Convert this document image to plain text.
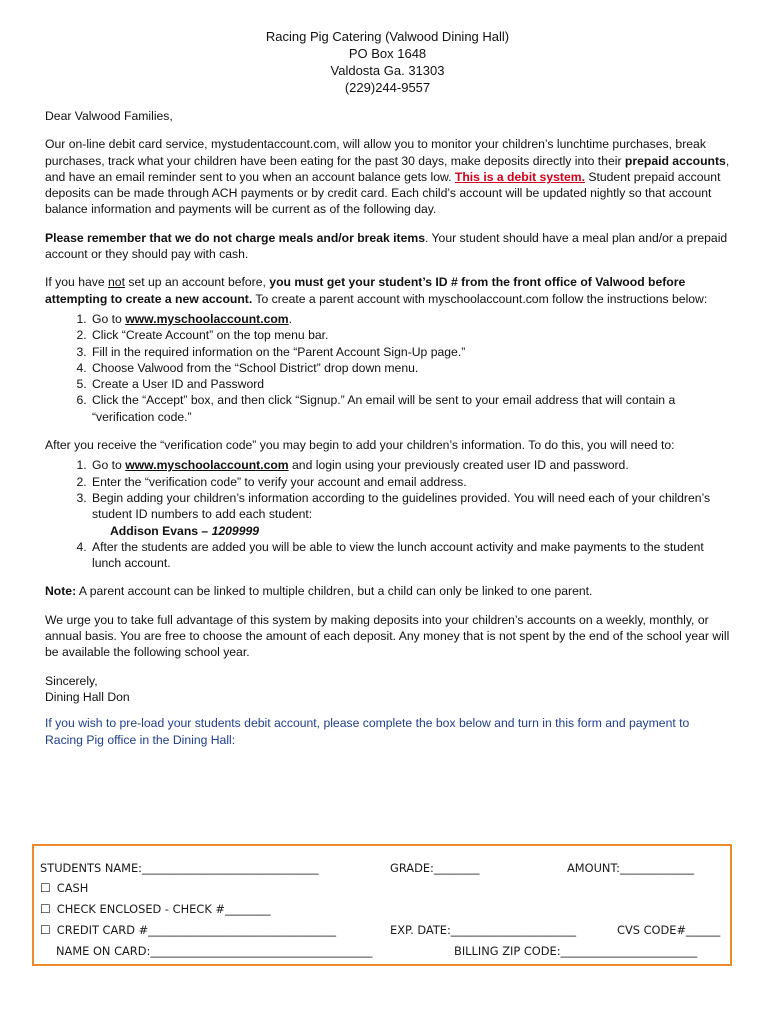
Racing Pig Catering (Valwood Dining Hall)
PO Box 1648
Valdosta Ga. 31303
(229)244-9557

Dear Valwood Families,

Our on-line debit card service, mystudentaccount.com, will allow you to monitor your children’s lunchtime purchases, break purchases, track what your children have been eating for the past 30 days, make deposits directly into their prepaid accounts, and have an email reminder sent to you when an account balance gets low. This is a debit system. Student prepaid account deposits can be made through ACH payments or by credit card. Each child’s account will be updated nightly so that account balance information and payments will be current as of the following day.

Please remember that we do not charge meals and/or break items. Your student should have a meal plan and/or a prepaid account or they should pay with cash.

If you have not set up an account before, you must get your student’s ID # from the front office of Valwood before attempting to create a new account. To create a parent account with myschoolaccount.com follow the instructions below:

1. Go to www.myschoolaccount.com.
2. Click “Create Account” on the top menu bar.
3. Fill in the required information on the “Parent Account Sign-Up page.”
4. Choose Valwood from the “School District” drop down menu.
5. Create a User ID and Password
6. Click the “Accept” box, and then click “Signup.” An email will be sent to your email address that will contain a “verification code.”

After you receive the “verification code” you may begin to add your children’s information. To do this, you will need to:

1. Go to www.myschoolaccount.com and login using your previously created user ID and password.
2. Enter the “verification code” to verify your account and email address.
3. Begin adding your children’s information according to the guidelines provided. You will need each of your children’s student ID numbers to add each student:
Addison Evans – 1209999
4. After the students are added you will be able to view the lunch account activity and make payments to the student lunch account.

Note: A parent account can be linked to multiple children, but a child can only be linked to one parent.

We urge you to take full advantage of this system by making deposits into your children’s accounts on a weekly, monthly, or annual basis. You are free to choose the amount of each deposit. Any money that is not spent by the end of the school year will be available the following school year.

Sincerely,
Dining Hall Don

If you wish to pre-load your students debit account, please complete the box below and turn in this form and payment to Racing Pig office in the Dining Hall:

STUDENTS NAME:_______________________________	GRADE:________	AMOUNT:_____________
☐ CASH
☐ CHECK ENCLOSED - CHECK #________
☐ CREDIT CARD #_________________________________	EXP. DATE:______________________	CVS CODE#______
NAME ON CARD:_______________________________________	BILLING ZIP CODE:________________________
